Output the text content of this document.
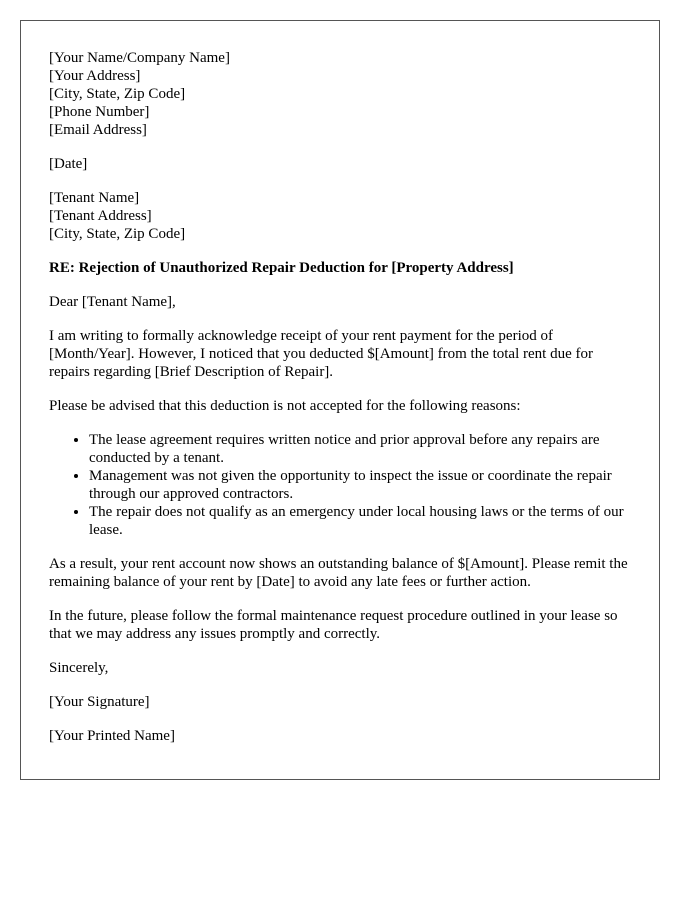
[Your Name/Company Name]
[Your Address]
[City, State, Zip Code]
[Phone Number]
[Email Address]
[Date]
[Tenant Name]
[Tenant Address]
[City, State, Zip Code]

RE: Rejection of Unauthorized Repair Deduction for [Property Address]

Dear [Tenant Name],

I am writing to formally acknowledge receipt of your rent payment for the period of [Month/Year]. However, I noticed that you deducted $[Amount] from the total rent due for repairs regarding [Brief Description of Repair].

Please be advised that this deduction is not accepted for the following reasons:

• The lease agreement requires written notice and prior approval before any repairs are conducted by a tenant.
• Management was not given the opportunity to inspect the issue or coordinate the repair through our approved contractors.
• The repair does not qualify as an emergency under local housing laws or the terms of our lease.

As a result, your rent account now shows an outstanding balance of $[Amount]. Please remit the remaining balance of your rent by [Date] to avoid any late fees or further action.

In the future, please follow the formal maintenance request procedure outlined in your lease so that we may address any issues promptly and correctly.

Sincerely,

[Your Signature]

[Your Printed Name]
